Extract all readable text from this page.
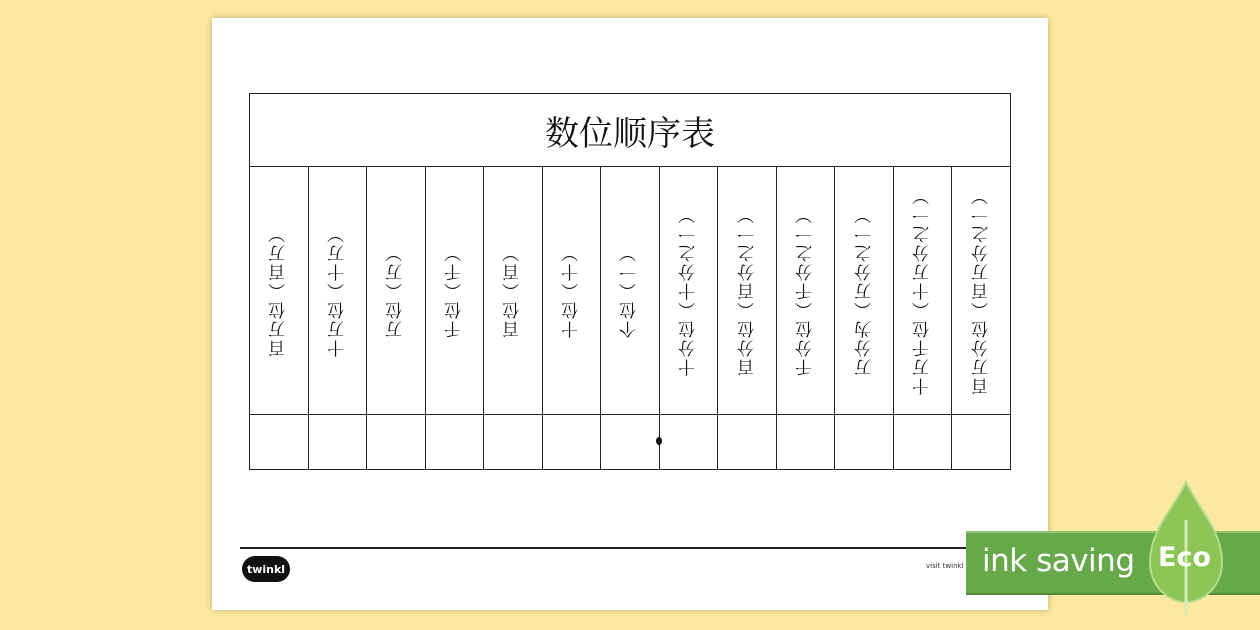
数位顺序表
百万位（百万） 十万位（十万） 万位（万） 千位（千） 百位（百） 十位（十） 个位（一） 十分位（十分之一） 百分位（百分之一） 千分位（千分之一） 万分为（万分之一） 十万千位（十万分之一） 百万分位（百万分之一）
twinkl	visit twinkl ink saving Eco
